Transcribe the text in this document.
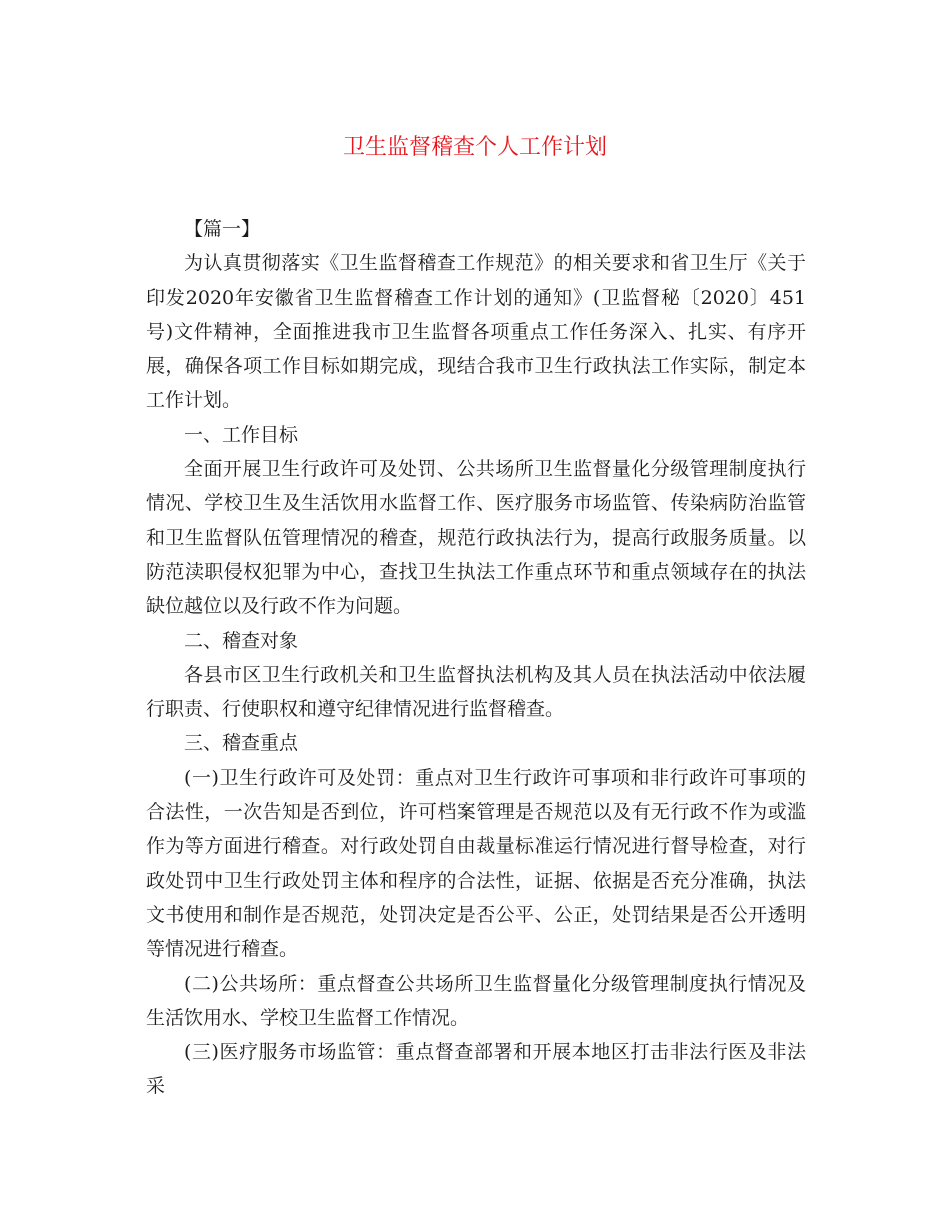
卫生监督稽查个人工作计划

【篇一】

为认真贯彻落实《卫生监督稽查工作规范》的相关要求和省卫生厅《关于印发2020年安徽省卫生监督稽查工作计划的通知》(卫监督秘〔2020〕451号)文件精神，全面推进我市卫生监督各项重点工作任务深入、扎实、有序开展，确保各项工作目标如期完成，现结合我市卫生行政执法工作实际，制定本工作计划。

一、工作目标

全面开展卫生行政许可及处罚、公共场所卫生监督量化分级管理制度执行情况、学校卫生及生活饮用水监督工作、医疗服务市场监管、传染病防治监管和卫生监督队伍管理情况的稽查，规范行政执法行为，提高行政服务质量。以防范渎职侵权犯罪为中心，查找卫生执法工作重点环节和重点领域存在的执法缺位越位以及行政不作为问题。

二、稽查对象

各县市区卫生行政机关和卫生监督执法机构及其人员在执法活动中依法履行职责、行使职权和遵守纪律情况进行监督稽查。

三、稽查重点

(一)卫生行政许可及处罚：重点对卫生行政许可事项和非行政许可事项的合法性，一次告知是否到位，许可档案管理是否规范以及有无行政不作为或滥作为等方面进行稽查。对行政处罚自由裁量标准运行情况进行督导检查，对行政处罚中卫生行政处罚主体和程序的合法性，证据、依据是否充分准确，执法文书使用和制作是否规范，处罚决定是否公平、公正，处罚结果是否公开透明等情况进行稽查。

(二)公共场所：重点督查公共场所卫生监督量化分级管理制度执行情况及生活饮用水、学校卫生监督工作情况。

(三)医疗服务市场监管：重点督查部署和开展本地区打击非法行医及非法采
